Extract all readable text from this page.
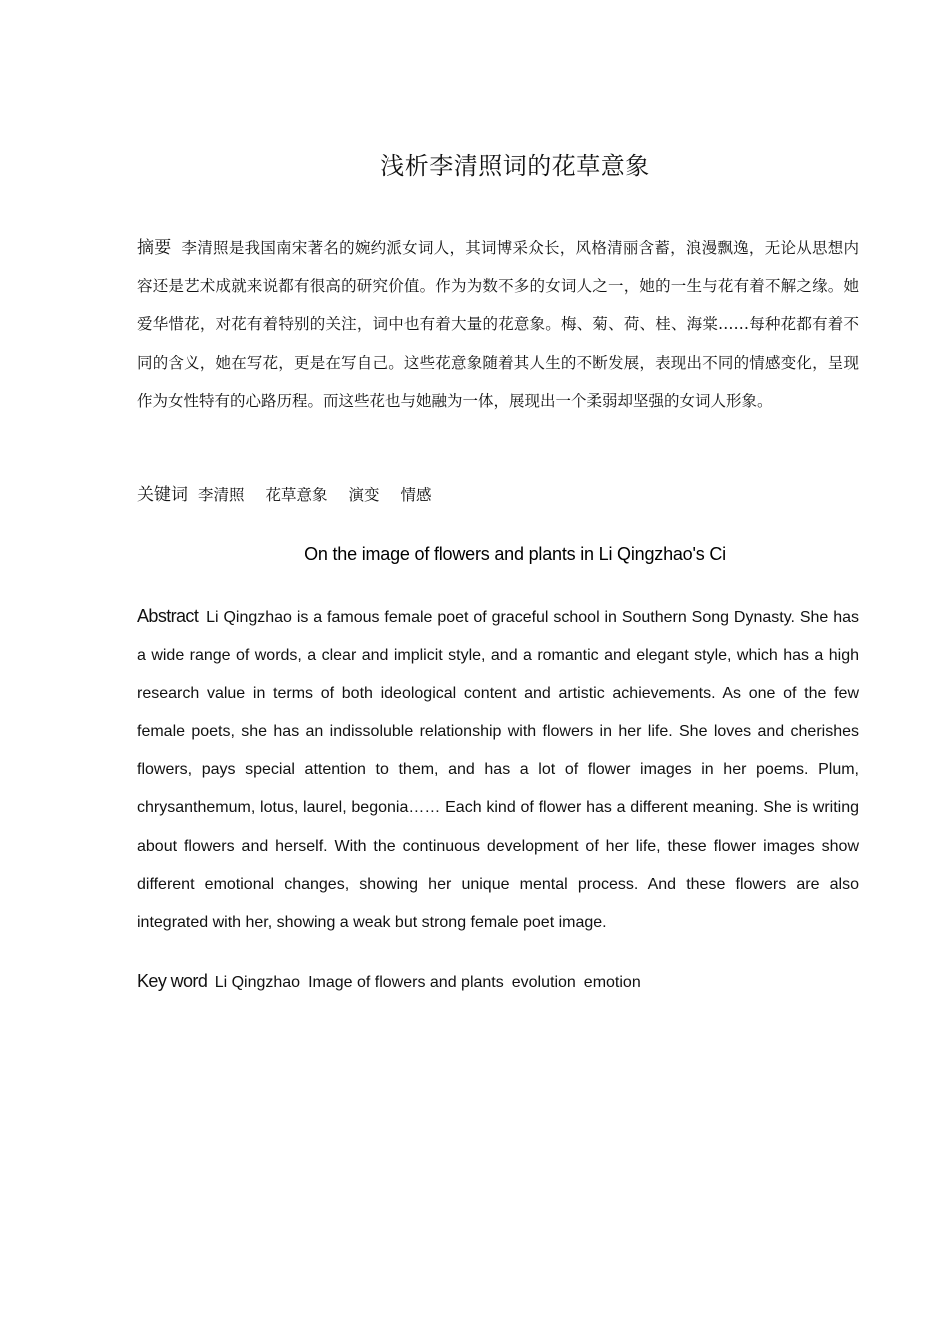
浅析李清照词的花草意象
摘要 李清照是我国南宋著名的婉约派女词人，其词博采众长，风格清丽含蓄，浪漫飘逸，无论从思想内容还是艺术成就来说都有很高的研究价值。作为为数不多的女词人之一，她的一生与花有着不解之缘。她爱华惜花，对花有着特别的关注，词中也有着大量的花意象。梅、菊、荷、桂、海棠……每种花都有着不同的含义，她在写花，更是在写自己。这些花意象随着其人生的不断发展，表现出不同的情感变化，呈现作为女性特有的心路历程。而这些花也与她融为一体，展现出一个柔弱却坚强的女词人形象。
关键词 李清照 花草意象 演变 情感
On the image of flowers and plants in Li Qingzhao's Ci
Abstract Li Qingzhao is a famous female poet of graceful school in Southern Song Dynasty. She has a wide range of words, a clear and implicit style, and a romantic and elegant style, which has a high research value in terms of both ideological content and artistic achievements. As one of the few female poets, she has an indissoluble relationship with flowers in her life. She loves and cherishes flowers, pays special attention to them, and has a lot of flower images in her poems. Plum, chrysanthemum, lotus, laurel, begonia…… Each kind of flower has a different meaning. She is writing about flowers and herself. With the continuous development of her life, these flower images show different emotional changes, showing her unique mental process. And these flowers are also integrated with her, showing a weak but strong female poet image.
Key word Li Qingzhao Image of flowers and plants evolution emotion
